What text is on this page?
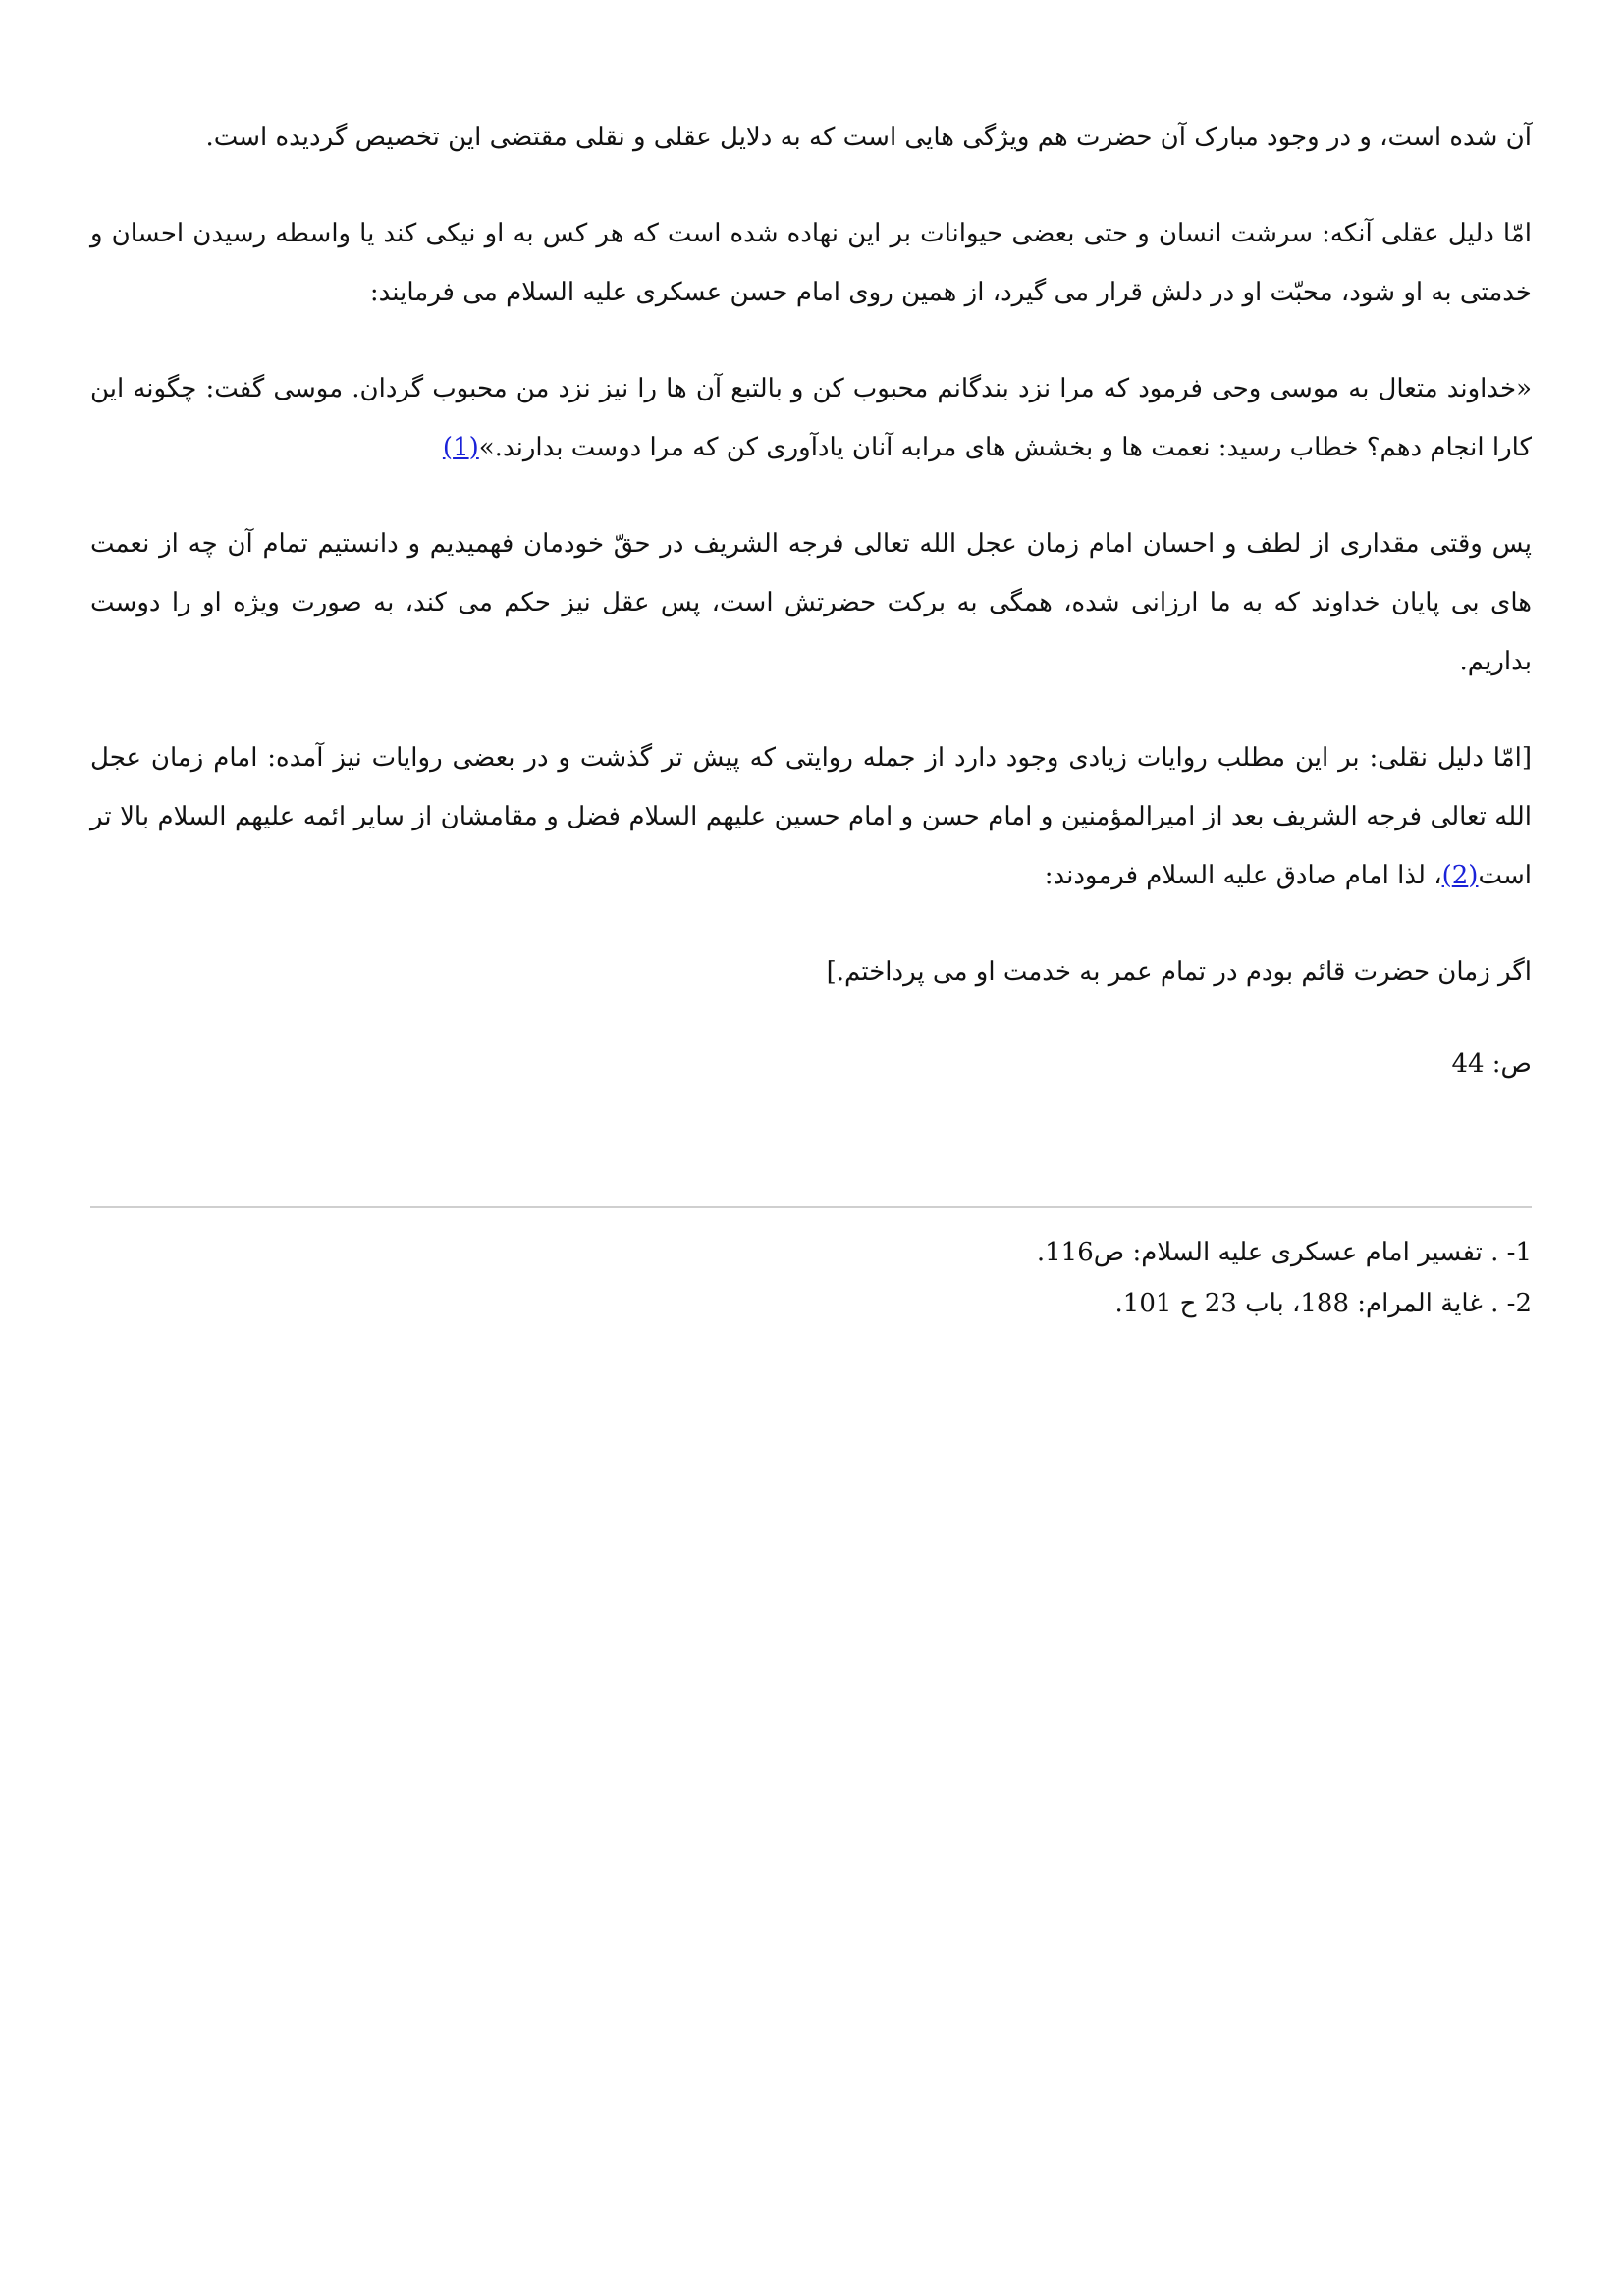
آن شده است، و در وجود مبارک آن حضرت هم ویژگی هایی است که به دلایل عقلی و نقلی مقتضی این تخصیص گردیده است.

امّا دلیل عقلی آنکه: سرشت انسان و حتی بعضی حیوانات بر این نهاده شده است که هر کس به او نیکی کند یا واسطه رسیدن احسان و خدمتی به او شود، محبّت او در دلش قرار می گیرد، از همین روی امام حسن عسکری علیه السلام می فرمایند:

«خداوند متعال به موسی وحی فرمود که مرا نزد بندگانم محبوب کن و بالتبع آن ها را نیز نزد من محبوب گردان. موسی گفت: چگونه این کارا انجام دهم؟ خطاب رسید: نعمت ها و بخشش های مرابه آنان یادآوری کن که مرا دوست بدارند.»(1)

پس وقتی مقداری از لطف و احسان امام زمان عجل الله تعالی فرجه الشریف در حقّ خودمان فهمیدیم و دانستیم تمام آن چه از نعمت های بی پایان خداوند که به ما ارزانی شده، همگی به برکت حضرتش است، پس عقل نیز حکم می کند، به صورت ویژه او را دوست بداریم.

[امّا دلیل نقلی: بر این مطلب روایات زیادی وجود دارد از جمله روایتی که پیش تر گذشت و در بعضی روایات نیز آمده: امام زمان عجل الله تعالی فرجه الشریف بعد از امیرالمؤمنین و امام حسن و امام حسین علیهم السلام فضل و مقامشان از سایر ائمه علیهم السلام بالا تر است(2)، لذا امام صادق علیه السلام فرمودند:

اگر زمان حضرت قائم بودم در تمام عمر به خدمت او می پرداختم.]

ص: 44

1- . تفسیر امام عسکری علیه السلام: ص116.

2- . غایة المرام: 188، باب 23 ح 101.
